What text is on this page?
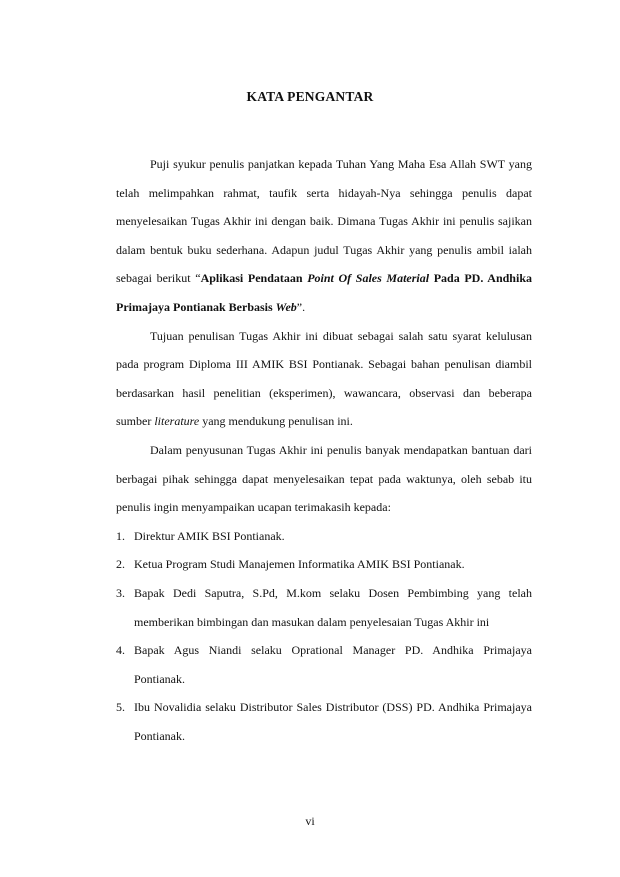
KATA PENGANTAR

Puji syukur penulis panjatkan kepada Tuhan Yang Maha Esa Allah SWT yang telah melimpahkan rahmat, taufik serta hidayah-Nya sehingga penulis dapat menyelesaikan Tugas Akhir ini dengan baik. Dimana Tugas Akhir ini penulis sajikan dalam bentuk buku sederhana. Adapun judul Tugas Akhir yang penulis ambil ialah sebagai berikut “Aplikasi Pendataan Point Of Sales Material Pada PD. Andhika Primajaya Pontianak Berbasis Web”.

Tujuan penulisan Tugas Akhir ini dibuat sebagai salah satu syarat kelulusan pada program Diploma III AMIK BSI Pontianak. Sebagai bahan penulisan diambil berdasarkan hasil penelitian (eksperimen), wawancara, observasi dan beberapa sumber literature yang mendukung penulisan ini.

Dalam penyusunan Tugas Akhir ini penulis banyak mendapatkan bantuan dari berbagai pihak sehingga dapat menyelesaikan tepat pada waktunya, oleh sebab itu penulis ingin menyampaikan ucapan terimakasih kepada:

1. Direktur AMIK BSI Pontianak.
2. Ketua Program Studi Manajemen Informatika AMIK BSI Pontianak.
3. Bapak Dedi Saputra, S.Pd, M.kom selaku Dosen Pembimbing yang telah memberikan bimbingan dan masukan dalam penyelesaian Tugas Akhir ini
4. Bapak Agus Niandi selaku Oprational Manager PD. Andhika Primajaya Pontianak.
5. Ibu Novalidia selaku Distributor Sales Distributor (DSS) PD. Andhika Primajaya Pontianak.
vi
